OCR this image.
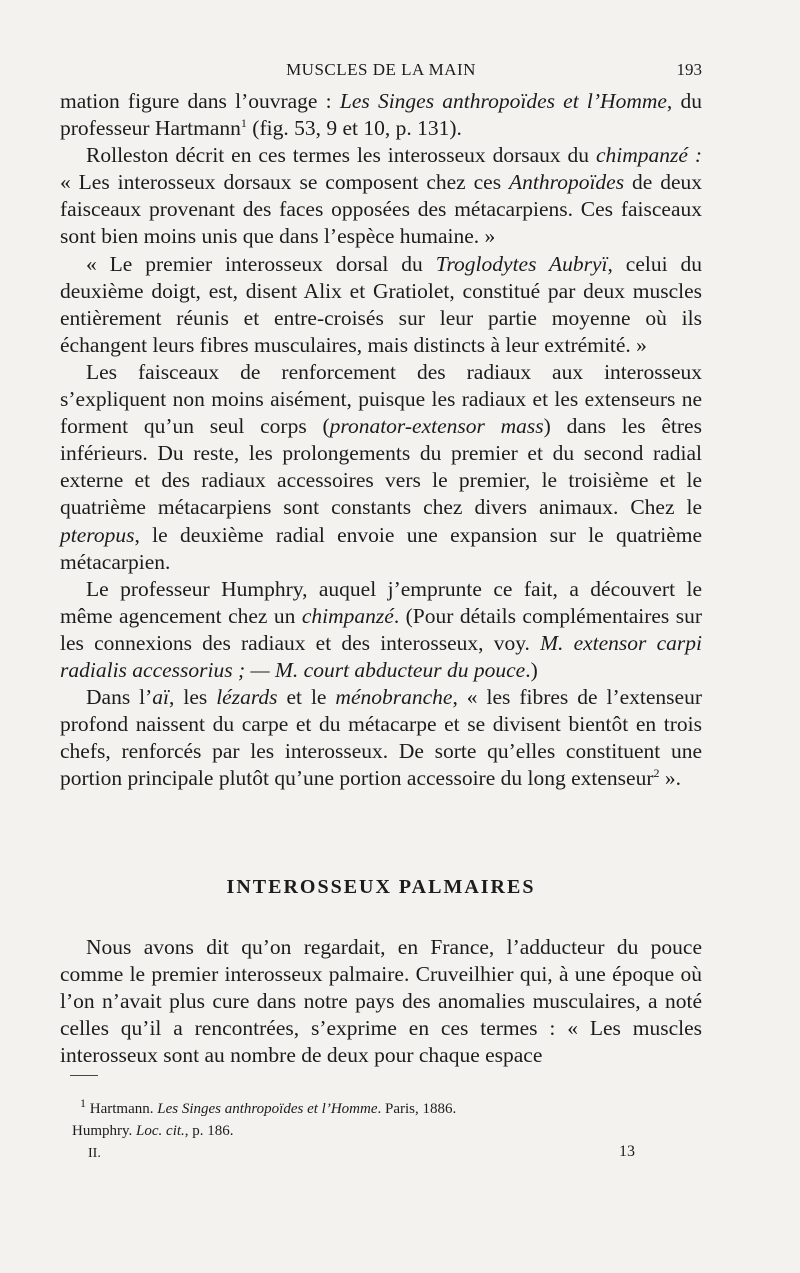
MUSCLES DE LA MAIN	193

mation figure dans l’ouvrage : Les Singes anthropoïdes et l’Homme, du professeur Hartmann$^1$ (fig. 53, 9 et 10, p. 131).

Rolleston décrit en ces termes les interosseux dorsaux du chimpanzé : « Les interosseux dorsaux se composent chez ces Anthropoïdes de deux faisceaux provenant des faces opposées des métacarpiens. Ces faisceaux sont bien moins unis que dans l’espèce humaine. »

« Le premier interosseux dorsal du Troglodytes Aubryï, celui du deuxième doigt, est, disent Alix et Gratiolet, constitué par deux muscles entièrement réunis et entre-croisés sur leur partie moyenne où ils échangent leurs fibres musculaires, mais distincts à leur extrémité. »

Les faisceaux de renforcement des radiaux aux interosseux s’expliquent non moins aisément, puisque les radiaux et les extenseurs ne forment qu’un seul corps (pronator-extensor mass) dans les êtres inférieurs. Du reste, les prolongements du premier et du second radial externe et des radiaux accessoires vers le premier, le troisième et le quatrième métacarpiens sont constants chez divers animaux. Chez le pteropus, le deuxième radial envoie une expansion sur le quatrième métacarpien.

Le professeur Humphry, auquel j’emprunte ce fait, a découvert le même agencement chez un chimpanzé. (Pour détails complémentaires sur les connexions des radiaux et des interosseux, voy. M. extensor carpi radialis accessorius ; — M. court abducteur du pouce.)

Dans l’aï, les lézards et le ménobranche, « les fibres de l’extenseur profond naissent du carpe et du métacarpe et se divisent bientôt en trois chefs, renforcés par les interosseux. De sorte qu’elles constituent une portion principale plutôt qu’une portion accessoire du long extenseur$^2$ ».

INTEROSSEUX PALMAIRES

Nous avons dit qu’on regardait, en France, l’adducteur du pouce comme le premier interosseux palmaire. Cruveilhier qui, à une époque où l’on n’avait plus cure dans notre pays des anomalies musculaires, a noté celles qu’il a rencontrées, s’exprime en ces termes : « Les muscles interosseux sont au nombre de deux pour chaque espace

$^1$ Hartmann. Les Singes anthropoïdes et l’Homme. Paris, 1886.
Humphry. Loc. cit., p. 186.
II.	13
